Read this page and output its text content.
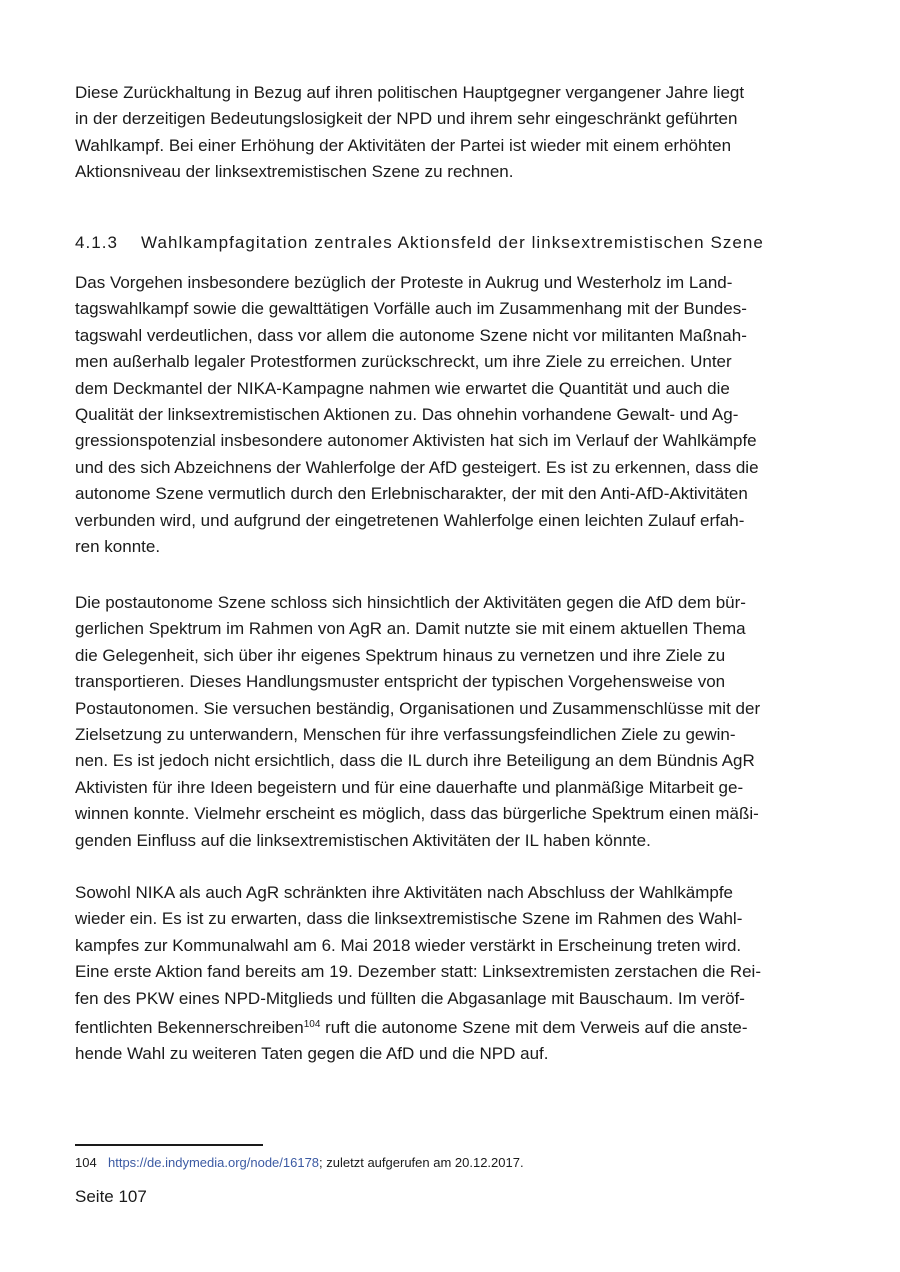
Diese Zurückhaltung in Bezug auf ihren politischen Hauptgegner vergangener Jahre liegt

in der derzeitigen Bedeutungslosigkeit der NPD und ihrem sehr eingeschränkt geführten

Wahlkampf. Bei einer Erhöhung der Aktivitäten der Partei ist wieder mit einem erhöhten

Aktionsniveau der linksextremistischen Szene zu rechnen.

4.1.3 Wahlkampfagitation zentrales Aktionsfeld der linksextremistischen Szene

Das Vorgehen insbesondere bezüglich der Proteste in Aukrug und Westerholz im Land-

tagswahlkampf sowie die gewalttätigen Vorfälle auch im Zusammenhang mit der Bundes-

tagswahl verdeutlichen, dass vor allem die autonome Szene nicht vor militanten Maßnah-

men außerhalb legaler Protestformen zurückschreckt, um ihre Ziele zu erreichen. Unter

dem Deckmantel der NIKA-Kampagne nahmen wie erwartet die Quantität und auch die

Qualität der linksextremistischen Aktionen zu. Das ohnehin vorhandene Gewalt- und Ag-

gressionspotenzial insbesondere autonomer Aktivisten hat sich im Verlauf der Wahlkämpfe

und des sich Abzeichnens der Wahlerfolge der AfD gesteigert. Es ist zu erkennen, dass die

autonome Szene vermutlich durch den Erlebnischarakter, der mit den Anti-AfD-Aktivitäten

verbunden wird, und aufgrund der eingetretenen Wahlerfolge einen leichten Zulauf erfah-

ren konnte.

Die postautonome Szene schloss sich hinsichtlich der Aktivitäten gegen die AfD dem bür-

gerlichen Spektrum im Rahmen von AgR an. Damit nutzte sie mit einem aktuellen Thema

die Gelegenheit, sich über ihr eigenes Spektrum hinaus zu vernetzen und ihre Ziele zu

transportieren. Dieses Handlungsmuster entspricht der typischen Vorgehensweise von

Postautonomen. Sie versuchen beständig, Organisationen und Zusammenschlüsse mit der

Zielsetzung zu unterwandern, Menschen für ihre verfassungsfeindlichen Ziele zu gewin-

nen. Es ist jedoch nicht ersichtlich, dass die IL durch ihre Beteiligung an dem Bündnis AgR

Aktivisten für ihre Ideen begeistern und für eine dauerhafte und planmäßige Mitarbeit ge-

winnen konnte. Vielmehr erscheint es möglich, dass das bürgerliche Spektrum einen mäßi-

genden Einfluss auf die linksextremistischen Aktivitäten der IL haben könnte.

Sowohl NIKA als auch AgR schränkten ihre Aktivitäten nach Abschluss der Wahlkämpfe

wieder ein. Es ist zu erwarten, dass die linksextremistische Szene im Rahmen des Wahl-

kampfes zur Kommunalwahl am 6. Mai 2018 wieder verstärkt in Erscheinung treten wird.

Eine erste Aktion fand bereits am 19. Dezember statt: Linksextremisten zerstachen die Rei-

fen des PKW eines NPD-Mitglieds und füllten die Abgasanlage mit Bauschaum. Im veröf-

fentlichten Bekennerschreiben$^{104}$ ruft die autonome Szene mit dem Verweis auf die anste-

hende Wahl zu weiteren Taten gegen die AfD und die NPD auf.

104 https://de.indymedia.org/node/16178; zuletzt aufgerufen am 20.12.2017.
Seite 107
